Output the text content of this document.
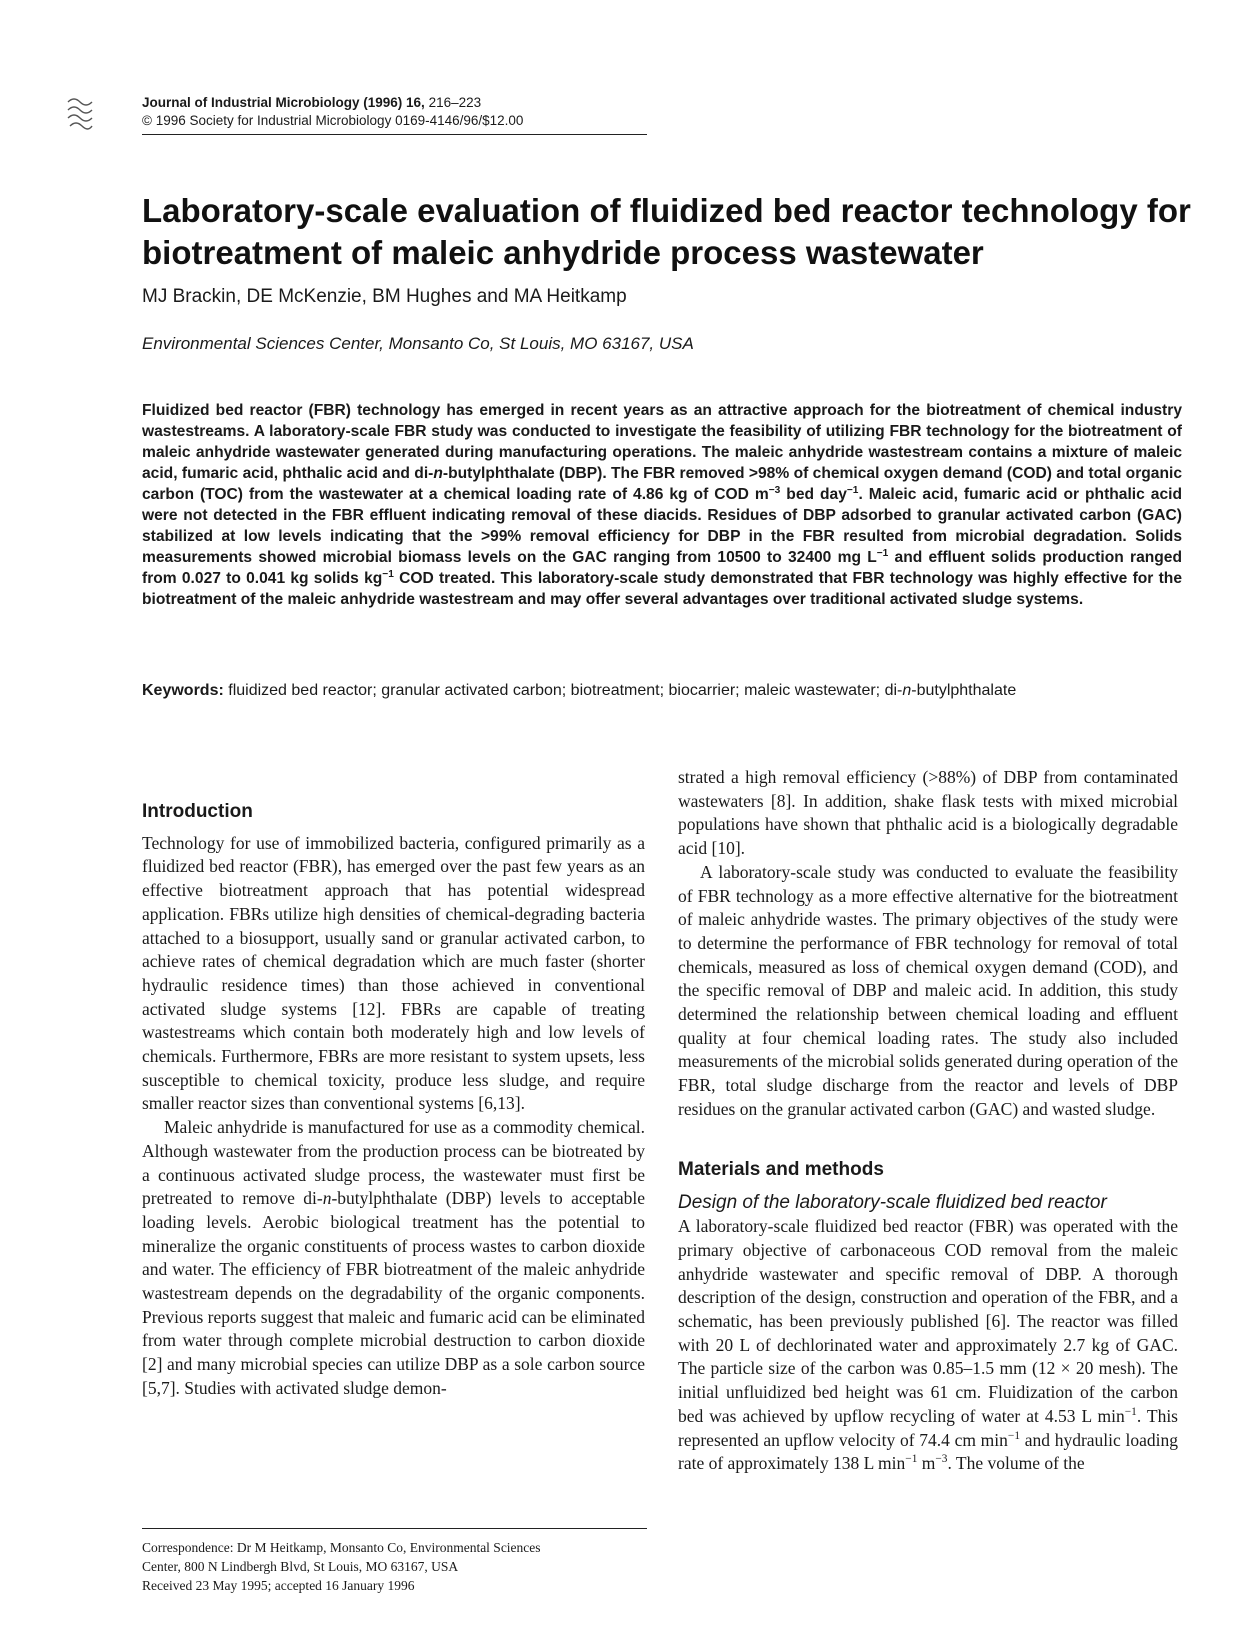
Journal of Industrial Microbiology (1996) 16, 216–223
© 1996 Society for Industrial Microbiology 0169-4146/96/$12.00
Laboratory-scale evaluation of fluidized bed reactor technology for biotreatment of maleic anhydride process wastewater
MJ Brackin, DE McKenzie, BM Hughes and MA Heitkamp
Environmental Sciences Center, Monsanto Co, St Louis, MO 63167, USA
Fluidized bed reactor (FBR) technology has emerged in recent years as an attractive approach for the biotreatment of chemical industry wastestreams. A laboratory-scale FBR study was conducted to investigate the feasibility of utilizing FBR technology for the biotreatment of maleic anhydride wastewater generated during manufacturing operations. The maleic anhydride wastestream contains a mixture of maleic acid, fumaric acid, phthalic acid and di-n-butylphthalate (DBP). The FBR removed >98% of chemical oxygen demand (COD) and total organic carbon (TOC) from the wastewater at a chemical loading rate of 4.86 kg of COD $m^{-3}$ bed day$^{-1}$. Maleic acid, fumaric acid or phthalic acid were not detected in the FBR effluent indicating removal of these diacids. Residues of DBP adsorbed to granular activated carbon (GAC) stabilized at low levels indicating that the >99% removal efficiency for DBP in the FBR resulted from microbial degradation. Solids measurements showed microbial biomass levels on the GAC ranging from 10500 to 32400 mg $L^{-1}$ and effluent solids production ranged from 0.027 to 0.041 kg solids $kg^{-1}$ COD treated. This laboratory-scale study demonstrated that FBR technology was highly effective for the biotreatment of the maleic anhydride wastestream and may offer several advantages over traditional activated sludge systems.
Keywords: fluidized bed reactor; granular activated carbon; biotreatment; biocarrier; maleic wastewater; di-n-butylphthalate
Introduction

Technology for use of immobilized bacteria, configured primarily as a fluidized bed reactor (FBR), has emerged over the past few years as an effective biotreatment approach that has potential widespread application. FBRs utilize high densities of chemical-degrading bacteria attached to a biosupport, usually sand or granular activated carbon, to achieve rates of chemical degradation which are much faster (shorter hydraulic residence times) than those achieved in conventional activated sludge systems [12]. FBRs are capable of treating wastestreams which contain both moderately high and low levels of chemicals. Furthermore, FBRs are more resistant to system upsets, less susceptible to chemical toxicity, produce less sludge, and require smaller reactor sizes than conventional systems [6,13].

Maleic anhydride is manufactured for use as a commodity chemical. Although wastewater from the production process can be biotreated by a continuous activated sludge process, the wastewater must first be pretreated to remove di-n-butylphthalate (DBP) levels to acceptable loading levels. Aerobic biological treatment has the potential to mineralize the organic constituents of process wastes to carbon dioxide and water. The efficiency of FBR biotreatment of the maleic anhydride wastestream depends on the degradability of the organic components. Previous reports suggest that maleic and fumaric acid can be eliminated from water through complete microbial destruction to carbon dioxide [2] and many microbial species can utilize DBP as a sole carbon source [5,7]. Studies with activated sludge demon-

strated a high removal efficiency (>88%) of DBP from contaminated wastewaters [8]. In addition, shake flask tests with mixed microbial populations have shown that phthalic acid is a biologically degradable acid [10].

A laboratory-scale study was conducted to evaluate the feasibility of FBR technology as a more effective alternative for the biotreatment of maleic anhydride wastes. The primary objectives of the study were to determine the performance of FBR technology for removal of total chemicals, measured as loss of chemical oxygen demand (COD), and the specific removal of DBP and maleic acid. In addition, this study determined the relationship between chemical loading and effluent quality at four chemical loading rates. The study also included measurements of the microbial solids generated during operation of the FBR, total sludge discharge from the reactor and levels of DBP residues on the granular activated carbon (GAC) and wasted sludge.

Materials and methods
Design of the laboratory-scale fluidized bed reactor

A laboratory-scale fluidized bed reactor (FBR) was operated with the primary objective of carbonaceous COD removal from the maleic anhydride wastewater and specific removal of DBP. A thorough description of the design, construction and operation of the FBR, and a schematic, has been previously published [6]. The reactor was filled with 20 L of dechlorinated water and approximately 2.7 kg of GAC. The particle size of the carbon was 0.85–1.5 mm (12 × 20 mesh). The initial unfluidized bed height was 61 cm. Fluidization of the carbon bed was achieved by upflow recycling of water at 4.53 L $\min^{-1}$. This represented an upflow velocity of 74.4 cm $\min^{-1}$ and hydraulic loading rate of approximately 138 L $\min^{-1} m^{-3}$. The volume of the

Correspondence: Dr M Heitkamp, Monsanto Co, Environmental Sciences
Center, 800 N Lindbergh Blvd, St Louis, MO 63167, USA
Received 23 May 1995; accepted 16 January 1996
